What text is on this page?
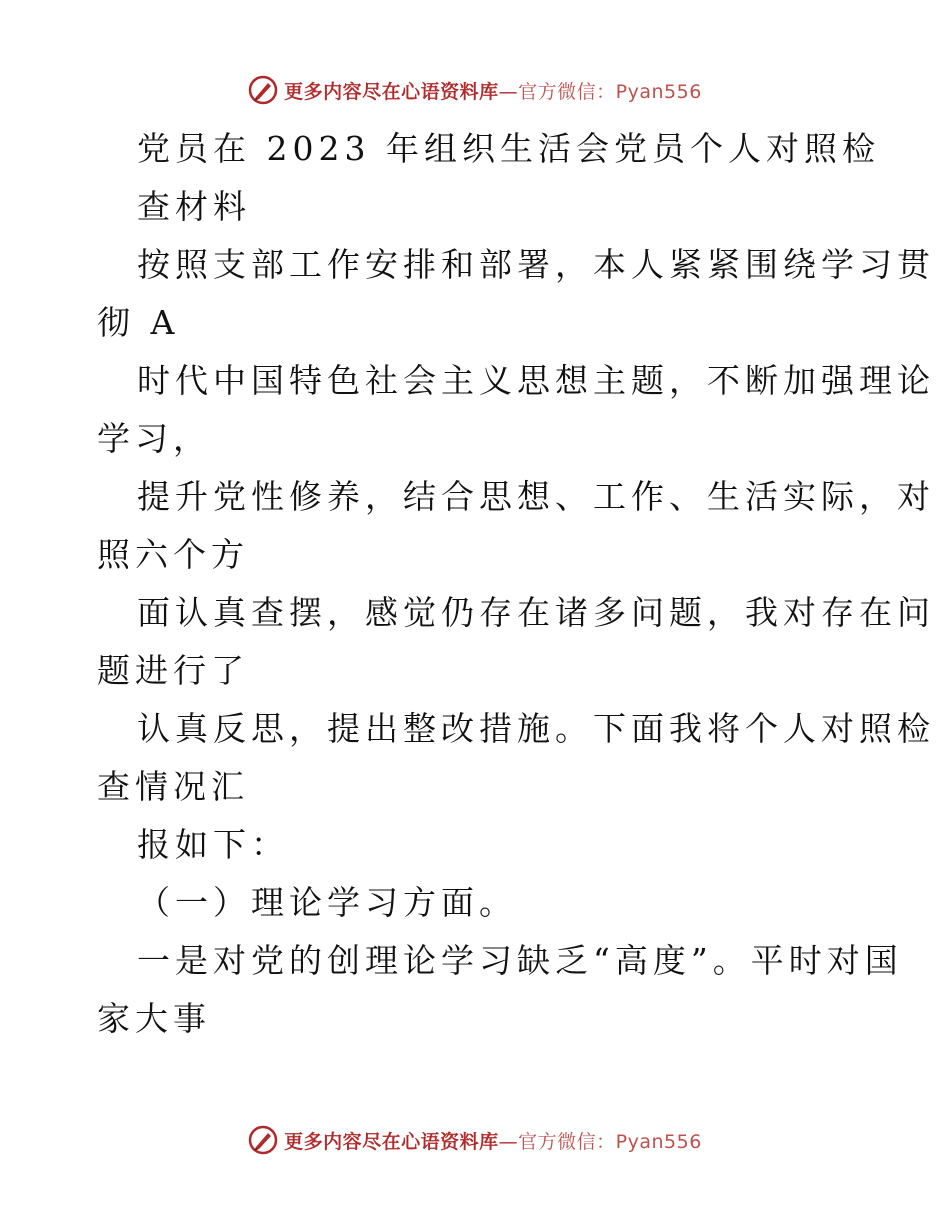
更多内容尽在心语资料库—官方微信：Pyan556
党员在 2023 年组织生活会党员个人对照检
查材料
按照支部工作安排和部署，本人紧紧围绕学习贯
彻 A
时代中国特色社会主义思想主题，不断加强理论
学习，
提升党性修养，结合思想、工作、生活实际，对
照六个方
面认真查摆，感觉仍存在诸多问题，我对存在问
题进行了
认真反思，提出整改措施。下面我将个人对照检
查情况汇
报如下：
（一）理论学习方面。
一是对党的创理论学习缺乏“高度”。平时对国
家大事
更多内容尽在心语资料库—官方微信：Pyan556
